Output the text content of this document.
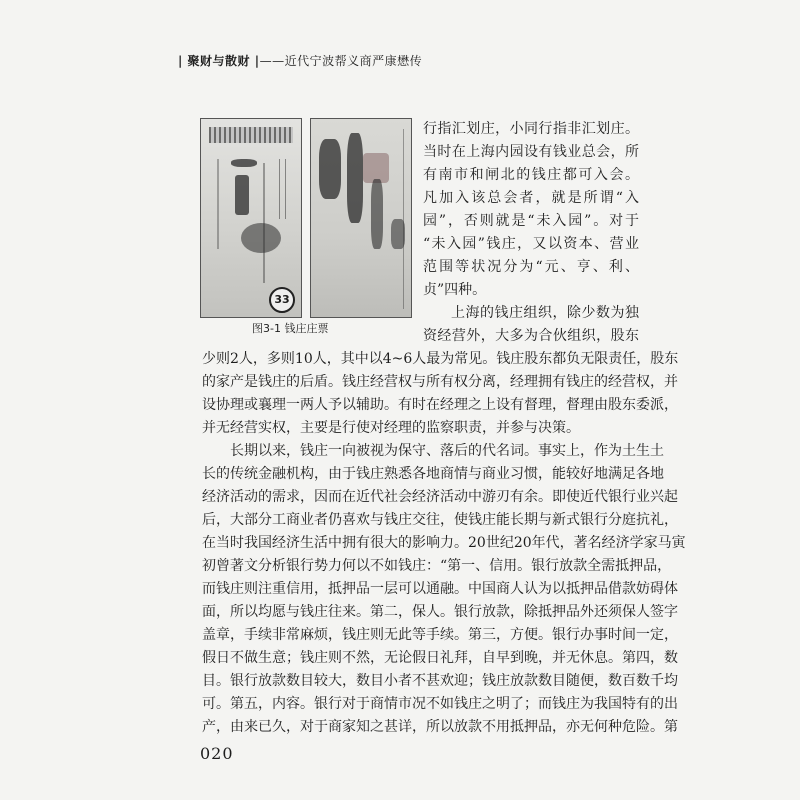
| 聚财与散财 |——近代宁波帮义商严康懋传
33
图3-1 钱庄庄票
行指汇划庄，小同行指非汇划庄。
当时在上海内园设有钱业总会，所
有南市和闸北的钱庄都可入会。
凡加入该总会者，就是所谓“入
园”，否则就是“未入园”。对于
“未入园”钱庄，又以资本、营业
范围等状况分为“元、亨、利、
贞”四种。
上海的钱庄组织，除少数为独
资经营外，大多为合伙组织，股东
少则2人，多则10人，其中以4~6人最为常见。钱庄股东都负无限责任，股东
的家产是钱庄的后盾。钱庄经营权与所有权分离，经理拥有钱庄的经营权，并
设协理或襄理一两人予以辅助。有时在经理之上设有督理，督理由股东委派，
并无经营实权，主要是行使对经理的监察职责，并参与决策。
长期以来，钱庄一向被视为保守、落后的代名词。事实上，作为土生土
长的传统金融机构，由于钱庄熟悉各地商情与商业习惯，能较好地满足各地
经济活动的需求，因而在近代社会经济活动中游刃有余。即使近代银行业兴起
后，大部分工商业者仍喜欢与钱庄交往，使钱庄能长期与新式银行分庭抗礼，
在当时我国经济生活中拥有很大的影响力。20世纪20年代，著名经济学家马寅
初曾著文分析银行势力何以不如钱庄：“第一、信用。银行放款全需抵押品，
而钱庄则注重信用，抵押品一层可以通融。中国商人认为以抵押品借款妨碍体
面，所以均愿与钱庄往来。第二，保人。银行放款，除抵押品外还须保人签字
盖章，手续非常麻烦，钱庄则无此等手续。第三，方便。银行办事时间一定，
假日不做生意；钱庄则不然，无论假日礼拜，自早到晚，并无休息。第四，数
目。银行放款数目较大，数目小者不甚欢迎；钱庄放款数目随便，数百数千均
可。第五，内容。银行对于商情市况不如钱庄之明了；而钱庄为我国特有的出
产，由来已久，对于商家知之甚详，所以放款不用抵押品，亦无何种危险。第
020
